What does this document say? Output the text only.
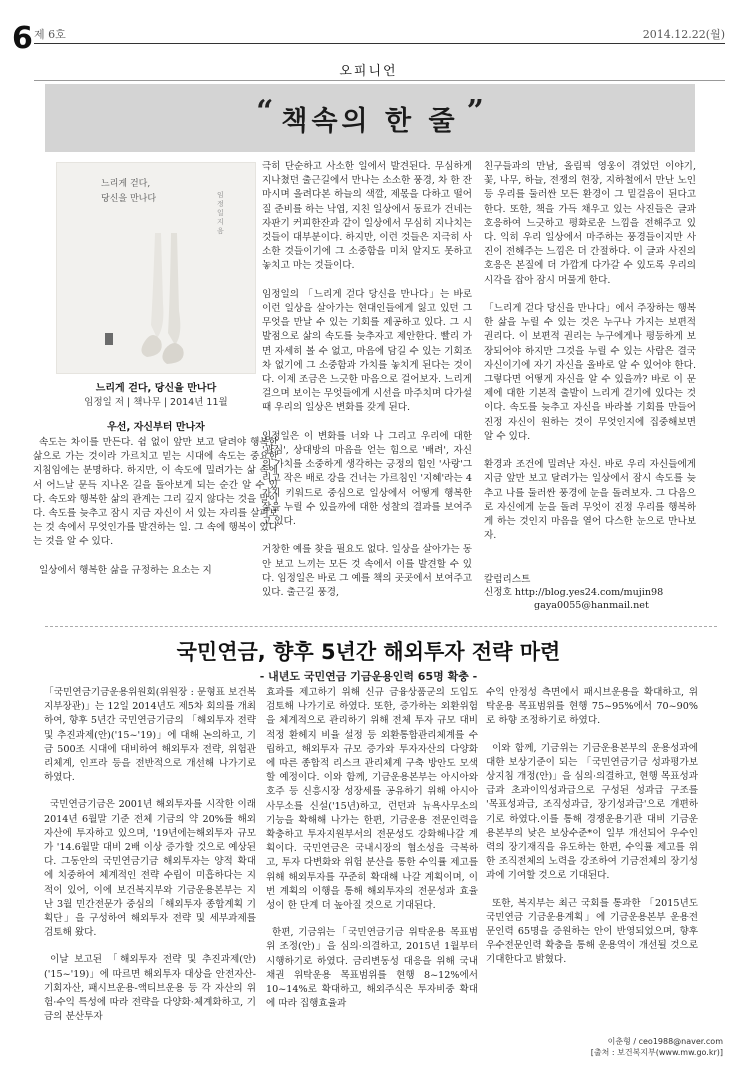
6 제 6호	2014.12.22(월)
오피니언
“ 책속의 한 줄 ”
느리게 걷다,
당신을 만나다	임정일 지음
느리게 걷다, 당신을 만나다
임정일 저 | 책나무 | 2014년 11월
우선, 자신부터 만나자

속도는 차이를 만든다. 쉼 없이 앞만 보고 달려야 행복한 삶으로 가는 것이라 가르치고 믿는 시대에 속도는 중요한 지침임에는 분명하다. 하지만, 이 속도에 밀려가는 삶 속에서 어느날 문득 지나온 길을 돌아보게 되는 순간 알 수 있다. 속도와 행복한 삶의 관계는 그리 깊지 않다는 것을 말이다. 속도를 늦추고 잠시 지금 자신이 서 있는 자리를 살펴보는 것 속에서 무엇인가를 발견하는 일. 그 속에 행복이 있다는 것을 알 수 있다.

일상에서 행복한 삶을 규정하는 요소는 지

극히 단순하고 사소한 일에서 발견된다. 무심하게 지나쳤던 출근길에서 만나는 소소한 풍경, 차 한 잔 마시며 올려다본 하늘의 색깔, 제몫을 다하고 떨어질 준비를 하는 낙엽, 지친 일상에서 동료가 건네는 자판기 커피한잔과 같이 일상에서 무심히 지나치는 것들이 대부분이다. 하지만, 이런 것들은 지극히 사소한 것들이기에 그 소중함을 미처 알지도 못하고 놓치고 마는 것들이다.

임정일의 「느리게 걷다 당신을 만나다」는 바로 이런 일상을 살아가는 현대인들에게 잃고 있던 그 무엇을 만날 수 있는 기회를 제공하고 있다. 그 시발점으로 삶의 속도를 늦추자고 제안한다. 빨리 가면 자세히 볼 수 없고, 마음에 담길 수 있는 기회조차 없기에 그 소중함과 가치를 놓치게 된다는 것이다. 이제 조금은 느긋한 마음으로 걸어보자. 느리게 걸으며 보이는 무엇들에게 시선을 마주치며 다가설 때 우리의 일상은 변화를 갖게 된다.

임정일은 이 변화를 너와 나 그리고 우리에 대한 '관심', 상대방의 마음을 얻는 힘으로 '배려', 자신의 가치를 소중하게 생각하는 긍정의 힘인 '사랑'그리고 작은 배로 강을 건너는 가르침인 '지혜'라는 4가지 키워드로 중심으로 일상에서 어떻게 행복한 삶을 누릴 수 있을까에 대한 성찰의 결과를 보여주고 있다.

거창한 예를 찾을 필요도 없다. 일상을 살아가는 동안 보고 느끼는 모든 것 속에서 이를 발견할 수 있다. 임정일은 바로 그 예를 책의 곳곳에서 보여주고 있다. 출근길 풍경,

친구들과의 만남, 올림픽 영웅이 겪었던 이야기, 꽃, 나무, 하늘, 전쟁의 현장, 지하철에서 만난 노인 등 우리를 둘러싼 모든 환경이 그 밑걸음이 된다고 한다. 또한, 책을 가득 채우고 있는 사진들은 글과 호응하여 느긋하고 평화로운 느낌을 전해주고 있다. 익히 우리 일상에서 마주하는 풍경들이지만 사진이 전해주는 느낌은 더 간절하다. 이 글과 사진의 호응은 본질에 더 가깝게 다가갈 수 있도록 우리의 시각을 잡아 잠시 머물게 한다.

「느리게 걷다 당신을 만나다」에서 주장하는 행복한 삶을 누릴 수 있는 것은 누구나 가지는 보편적 권리다. 이 보편적 권리는 누구에게나 평등하게 보장되어야 하지만 그것을 누릴 수 있는 사람은 결국 자신이기에 자기 자신을 올바로 알 수 있어야 한다. 그렇다면 어떻게 자신을 알 수 있을까? 바로 이 문제에 대한 기본적 출발이 느리게 걷기에 있다는 것이다. 속도를 늦추고 자신을 바라볼 기회를 만들어 진정 자신이 원하는 것이 무엇인지에 집중해보면 알 수 있다.

환경과 조건에 밀려난 자신. 바로 우리 자신들에게 지금 앞만 보고 달려가는 일상에서 잠시 속도를 늦추고 나를 둘러싼 풍경에 눈을 돌려보자. 그 다음으로 자신에게 눈을 돌려 무엇이 진정 우리를 행복하게 하는 것인지 마음을 열어 다스한 눈으로 만나보자.

칼럼리스트
신정호 http://blog.yes24.com/mujin98
gaya0055@hanmail.net
국민연금, 향후 5년간 해외투자 전략 마련
- 내년도 국민연금 기금운용인력 65명 확충 -

「국민연금기금운용위원회(위원장 : 문형표 보건복지부장관)」는 12일 2014년도 제5차 회의를 개최하여, 향후 5년간 국민연금기금의 「해외투자 전략 및 추진과제(안)('15~'19)」에 대해 논의하고, 기금 500조 시대에 대비하여 해외투자 전략, 위험관리체계, 인프라 등을 전반적으로 개선해 나가기로 하였다.

국민연금기금은 2001년 해외투자를 시작한 이래 2014년 6월말 기준 전체 기금의 약 20%를 해외 자산에 투자하고 있으며, '19년에는해외투자 규모가 '14.6월말 대비 2배 이상 증가할 것으로 예상된다. 그동안의 국민연금기금 해외투자는 양적 확대에 치중하여 체계적인 전략 수립이 미흡하다는 지적이 있어, 이에 보건복지부와 기금운용본부는 지난 3월 민간전문가 중심의「해외투자 종합계획 기획단」을 구성하여 해외투자 전략 및 세부과제를 검토해 왔다.

이날 보고된 「해외투자 전략 및 추진과제(안)('15~'19)」에 따르면 해외투자 대상을 안전자산-기회자산, 패시브운용-액티브운용 등 각 자산의 위험·수익 특성에 따라 전략을 다양화·체계화하고, 기금의 분산투자

효과를 제고하기 위해 신규 금융상품군의 도입도 검토해 나가기로 하였다. 또한, 증가하는 외환위험을 체계적으로 관리하기 위해 전체 투자 규모 대비 적정 환헤지 비율 설정 등 외환통합관리체계를 수립하고, 해외투자 규모 증가와 투자자산의 다양화에 따른 종합적 리스크 관리체계 구축 방안도 모색할 예정이다. 이와 함께, 기금운용본부는 아시아와 호주 등 신흥시장 성장세를 공유하기 위해 아시아사무소를 신설('15년)하고, 런던과 뉴욕사무소의 기능을 확해해 나가는 한편, 기금운용 전문인력을 확충하고 투자지원부서의 전문성도 강화해나갈 계획이다. 국민연금은 국내시장의 협소성을 극복하고, 투자 다변화와 위험 분산을 통한 수익률 제고를 위해 해외투자를 꾸준히 확대해 나갈 계획이며, 이번 계획의 이행을 통해 해외투자의 전문성과 효율성이 한 단계 더 높아질 것으로 기대된다.

한편, 기금위는「국민연금기금 위탁운용 목표범위 조정(안)」을 심의·의결하고, 2015년 1월부터 시행하기로 하였다. 금리변동성 대응을 위해 국내채권 위탁운용 목표범위를 현행 8~12%에서 10~14%로 확대하고, 해외주식은 투자비중 확대에 따라 집행효율과

수익 안정성 측면에서 패시브운용을 확대하고, 위탁운용 목표범위를 현행 75~95%에서 70~90%로 하향 조정하기로 하였다.

이와 함께, 기금위는 기금운용본부의 운용성과에 대한 보상기준이 되는 「국민연금기금 성과평가보상지침 개정(안)」을 심의·의결하고, 현행 목표성과급과 초과이익성과급으로 구성된 성과급 구조를 '목표성과급, 조직성과급, 장기성과급'으로 개편하기로 하였다.이를 통해 경쟁운용기관 대비 기금운용본부의 낮은 보상수준*이 일부 개선되어 우수인력의 장기재직을 유도하는 한편, 수익률 제고를 위한 조직전체의 노력을 강조하여 기금전체의 장기성과에 기여할 것으로 기대된다.

또한, 복지부는 최근 국회를 통과한 「2015년도 국민연금 기금운용계획」에 기금운용본부 운용전문인력 65명을 증원하는 안이 반영되었으며, 향후 우수전문인력 확충을 통해 운용역이 개선될 것으로 기대한다고 밝혔다.

이춘형 / ceo1988@naver.com
[출처 : 보건복지부(www.mw.go.kr)]
